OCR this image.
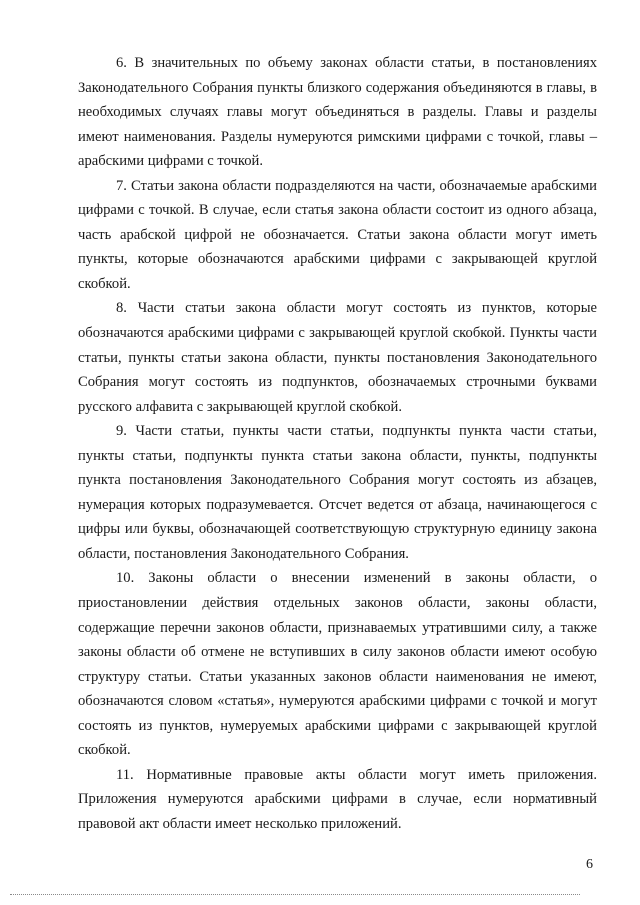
6. В значительных по объему законах области статьи, в постановлениях Законодательного Собрания пункты близкого содержания объединяются в главы, в необходимых случаях главы могут объединяться в разделы. Главы и разделы имеют наименования. Разделы нумеруются римскими цифрами с точкой, главы – арабскими цифрами с точкой.

7. Статьи закона области подразделяются на части, обозначаемые арабскими цифрами с точкой. В случае, если статья закона области состоит из одного абзаца, часть арабской цифрой не обозначается. Статьи закона области могут иметь пункты, которые обозначаются арабскими цифрами с закрывающей круглой скобкой.

8. Части статьи закона области могут состоять из пунктов, которые обозначаются арабскими цифрами с закрывающей круглой скобкой. Пункты части статьи, пункты статьи закона области, пункты постановления Законодательного Собрания могут состоять из подпунктов, обозначаемых строчными буквами русского алфавита с закрывающей круглой скобкой.

9. Части статьи, пункты части статьи, подпункты пункта части статьи, пункты статьи, подпункты пункта статьи закона области, пункты, подпункты пункта постановления Законодательного Собрания могут состоять из абзацев, нумерация которых подразумевается. Отсчет ведется от абзаца, начинающегося с цифры или буквы, обозначающей соответствующую структурную единицу закона области, постановления Законодательного Собрания.

10. Законы области о внесении изменений в законы области, о приостановлении действия отдельных законов области, законы области, содержащие перечни законов области, признаваемых утратившими силу, а также законы области об отмене не вступивших в силу законов области имеют особую структуру статьи. Статьи указанных законов области наименования не имеют, обозначаются словом «статья», нумеруются арабскими цифрами с точкой и могут состоять из пунктов, нумеруемых арабскими цифрами с закрывающей круглой скобкой.

11. Нормативные правовые акты области могут иметь приложения. Приложения нумеруются арабскими цифрами в случае, если нормативный правовой акт области имеет несколько приложений.

6
